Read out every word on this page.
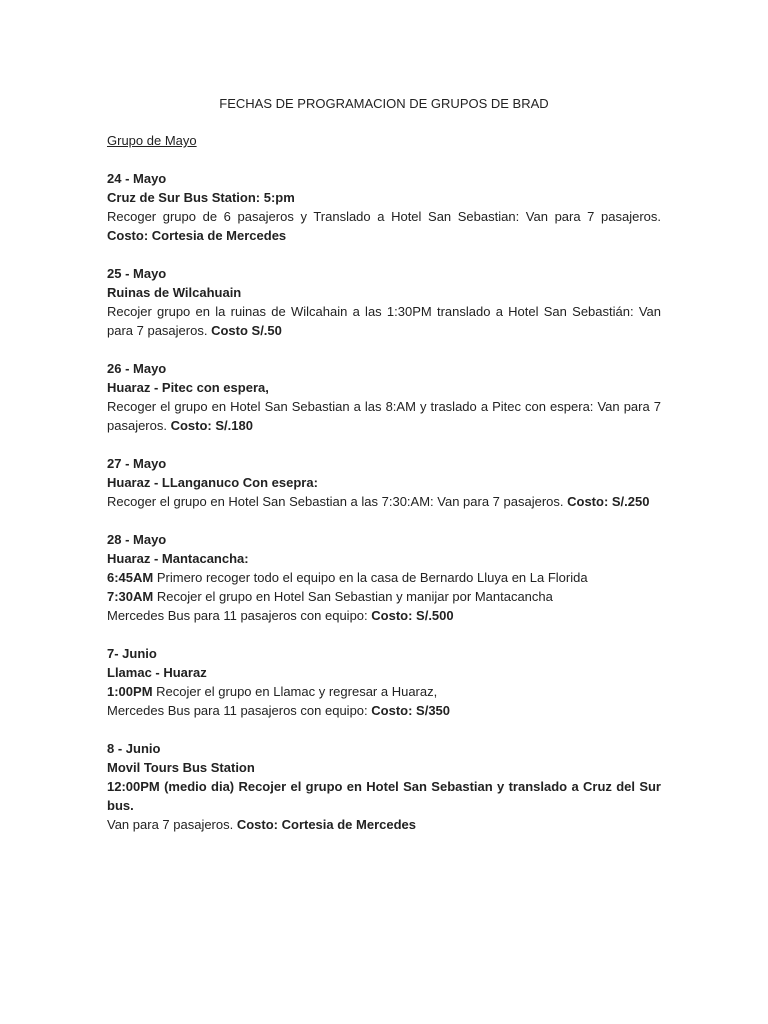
FECHAS DE PROGRAMACION DE GRUPOS DE BRAD

Grupo de Mayo

24 - Mayo

Cruz de Sur Bus Station: 5:pm

Recoger grupo de 6 pasajeros y Translado a Hotel San Sebastian: Van para 7 pasajeros. Costo: Cortesia de Mercedes

25 - Mayo

Ruinas de Wilcahuain

Recojer grupo en la ruinas de Wilcahain a las 1:30PM translado a Hotel San Sebastián: Van para 7 pasajeros. Costo S/.50

26 - Mayo

Huaraz - Pitec con espera,

Recoger el grupo en Hotel San Sebastian a las 8:AM y traslado a Pitec con espera: Van para 7 pasajeros. Costo: S/.180

27 - Mayo

Huaraz - LLanganuco Con esepra:

Recoger el grupo en Hotel San Sebastian a las 7:30:AM: Van para 7 pasajeros. Costo: S/.250

28 - Mayo

Huaraz - Mantacancha:

6:45AM Primero recoger todo el equipo en la casa de Bernardo Lluya en La Florida

7:30AM Recojer el grupo en Hotel San Sebastian y manijar por Mantacancha

Mercedes Bus para 11 pasajeros con equipo: Costo: S/.500

7- Junio

Llamac - Huaraz

1:00PM Recojer el grupo en Llamac y regresar a Huaraz,

Mercedes Bus para 11 pasajeros con equipo: Costo: S/350

8 - Junio

Movil Tours Bus Station

12:00PM (medio dia) Recojer el grupo en Hotel San Sebastian y translado a Cruz del Sur bus.

Van para 7 pasajeros. Costo: Cortesia de Mercedes
